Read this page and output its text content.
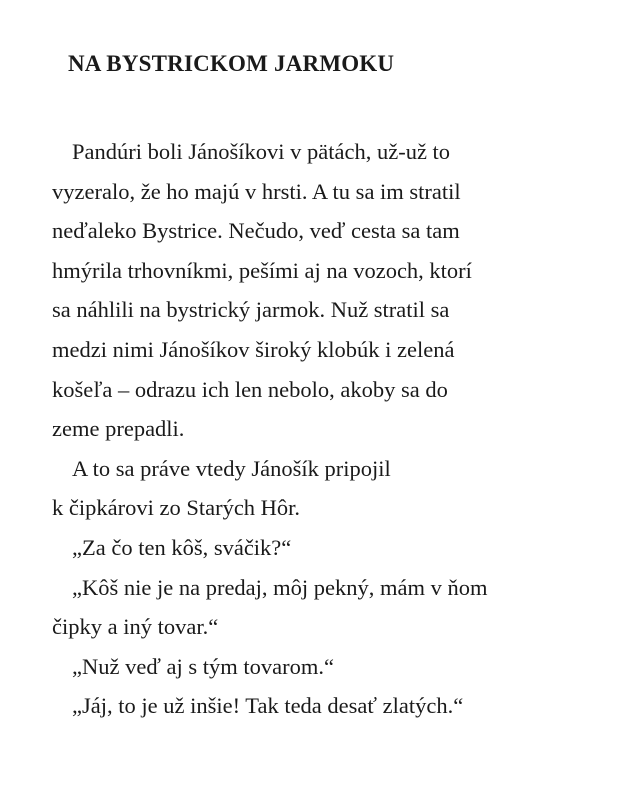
NA BYSTRICKOM JARMOKU
Pandúri boli Jánošíkovi v pätách, už-už to
vyzeralo, že ho majú v hrsti. A tu sa im stratil
neďaleko Bystrice. Nečudo, veď cesta sa tam
hmýrila trhovníkmi, pešími aj na vozoch, ktorí
sa náhlili na bystrický jarmok. Nuž stratil sa
medzi nimi Jánošíkov široký klobúk i zelená
košeľa – odrazu ich len nebolo, akoby sa do
zeme prepadli.
A to sa práve vtedy Jánošík pripojil
k čipkárovi zo Starých Hôr.
„Za čo ten kôš, sváčik?“
„Kôš nie je na predaj, môj pekný, mám v ňom
čipky a iný tovar.“
„Nuž veď aj s tým tovarom.“
„Jáj, to je už inšie! Tak teda desať zlatých.“
